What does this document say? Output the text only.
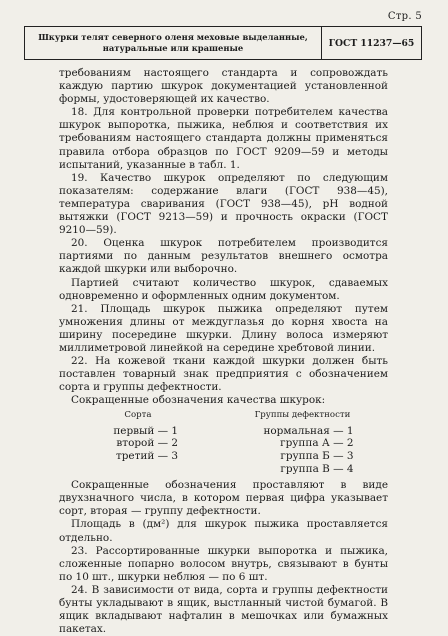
Стр. 5
Шкурки телят северного оленя меховые выделанные,
натуральные или крашеные	ГОСТ 11237—65

требованиям настоящего стандарта и сопровождать каждую партию шкурок документацией установленной формы, удостоверяющей их качество.

18. Для контрольной проверки потребителем качества шкурок выпоротка, пыжика, неблюя и соответствия их требованиям настоящего стандарта должны применяться правила отбора образцов по ГОСТ 9209—59 и методы испытаний, указанные в табл. 1.

19. Качество шкурок определяют по следующим показателям: содержание влаги (ГОСТ 938—45), температура сваривания (ГОСТ 938—45), рН водной вытяжки (ГОСТ 9213—59) и прочность окраски (ГОСТ 9210—59).

20. Оценка шкурок потребителем производится партиями по данным результатов внешнего осмотра каждой шкурки или выборочно.

Партией считают количество шкурок, сдаваемых одновременно и оформленных одним документом.

21. Площадь шкурок пыжика определяют путем умножения длины от междуглазья до корня хвоста на ширину посередине шкурки. Длину волоса измеряют миллиметровой линейкой на середине хребтовой линии.

22. На кожевой ткани каждой шкурки должен быть поставлен товарный знак предприятия с обозначением сорта и группы дефектности.

Сокращенные обозначения качества шкурок:

Сорта
первый — 1
второй — 2
третий — 3
Группы дефектности
нормальная — 1
группа А — 2
группа Б — 3
группа В — 4

Сокращенные обозначения проставляют в виде двухзначного числа, в котором первая цифра указывает сорт, вторая — группу дефектности.

Площадь в (дм²) для шкурок пыжика проставляется отдельно.

23. Рассортированные шкурки выпоротка и пыжика, сложенные попарно волосом внутрь, связывают в бунты по 10 шт., шкурки неблюя — по 6 шт.

24. В зависимости от вида, сорта и группы дефектности бунты укладывают в ящик, выстланный чистой бумагой. В ящик вкладывают нафталин в мешочках или бумажных пакетах.
